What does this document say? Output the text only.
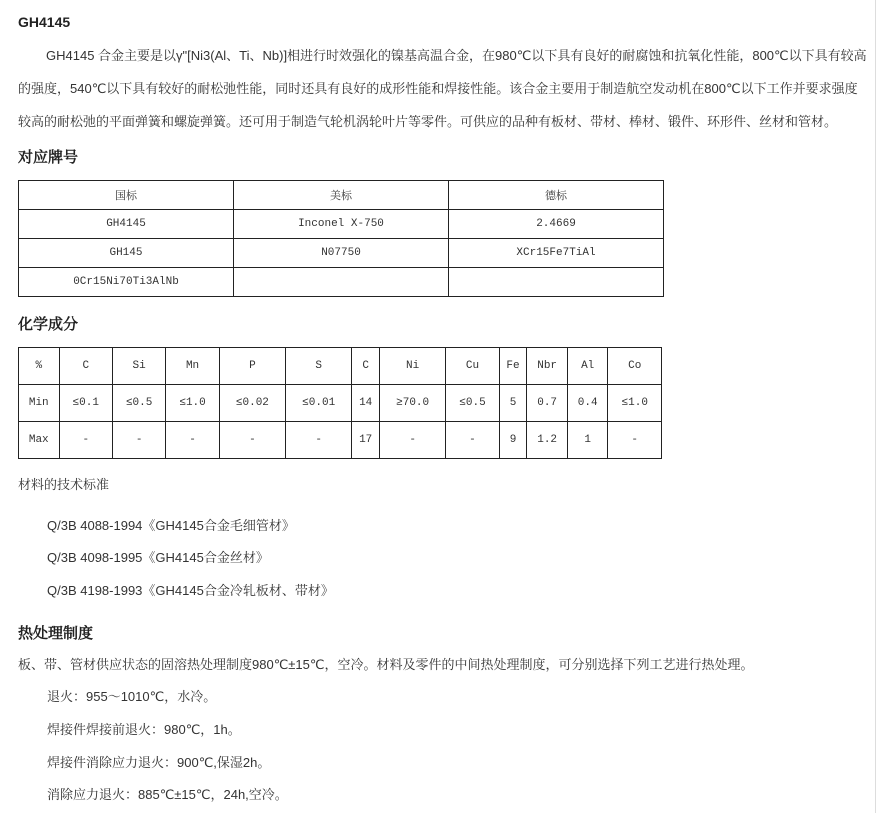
GH4145
GH4145 合金主要是以γ"[Ni3(Al、Ti、Nb)]相进行时效强化的镍基高温合金，在980℃以下具有良好的耐腐蚀和抗氧化性能，800℃以下具有较高
的强度，540℃以下具有较好的耐松弛性能，同时还具有良好的成形性能和焊接性能。该合金主要用于制造航空发动机在800℃以下工作并要求强度
较高的耐松弛的平面弹簧和螺旋弹簧。还可用于制造气轮机涡轮叶片等零件。可供应的品种有板材、带材、棒材、锻件、环形件、丝材和管材。
对应牌号
国标	美标	德标
GH4145	Inconel X-750	2.4669
GH145	N07750	XCr15Fe7TiAl
0Cr15Ni70Ti3AlNb		
化学成分
%	C	Si	Mn	P	S	C	Ni	Cu	Fe	Nbr	Al	Co
Min	≤0.1	≤0.5	≤1.0	≤0.02	≤0.01	14	≥70.0	≤0.5	5	0.7	0.4	≤1.0
Max	-	-	-	-	-	17	-	-	9	1.2	1	-
材料的技术标准
Q/3B 4088-1994《GH4145合金毛细管材》
Q/3B 4098-1995《GH4145合金丝材》
Q/3B 4198-1993《GH4145合金冷轧板材、带材》
热处理制度
板、带、管材供应状态的固溶热处理制度980℃±15℃，空冷。材料及零件的中间热处理制度，可分别选择下列工艺进行热处理。
退火：955～1010℃，水冷。
焊接件焊接前退火：980℃，1h。
焊接件消除应力退火：900℃,保湿2h。
消除应力退火：885℃±15℃，24h,空冷。
